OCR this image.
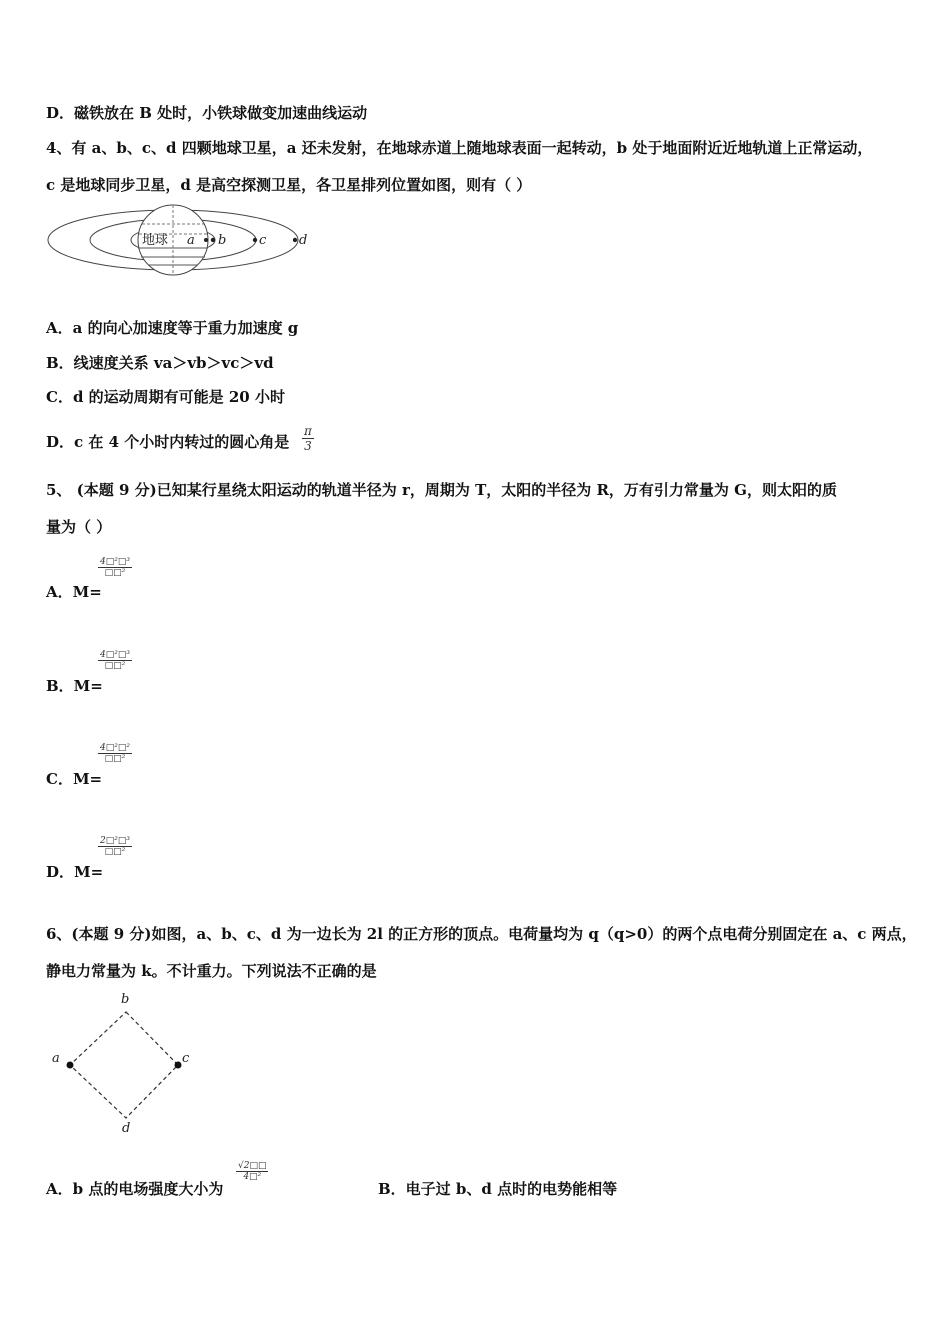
D．磁铁放在 B 处时，小铁球做变加速曲线运动
4、有 a、b、c、d 四颗地球卫星，a 还未发射，在地球赤道上随地球表面一起转动，b 处于地面附近近地轨道上正常运动，
c 是地球同步卫星，d 是高空探测卫星，各卫星排列位置如图，则有（ ）
地球 a b	c	d
A．a 的向心加速度等于重力加速度 g
B．线速度关系 va＞vb＞vc＞vd
C．d 的运动周期有可能是 20 小时
D．c 在 4 个小时内转过的圆心角是 $\frac{\pi}{3}$
5、 (本题 9 分)已知某行星绕太阳运动的轨道半径为 r，周期为 T，太阳的半径为 R，万有引力常量为 G，则太阳的质
量为（ ）
A．M=
4□²□³
□□²
B．M=
4□²□³
□□²
C．M=
4□²□²
□□²
D．M=
2□²□³
□□²
6、(本题 9 分)如图，a、b、c、d 为一边长为 2l 的正方形的顶点。电荷量均为 q（q>0）的两个点电荷分别固定在 a、c 两点，
静电力常量为 k。不计重力。下列说法不正确的是
b
a	c
d
A．b 点的电场强度大小为
$\frac{√2□□}{\text{4□²}}$
B．电子过 b、d 点时的电势能相等
